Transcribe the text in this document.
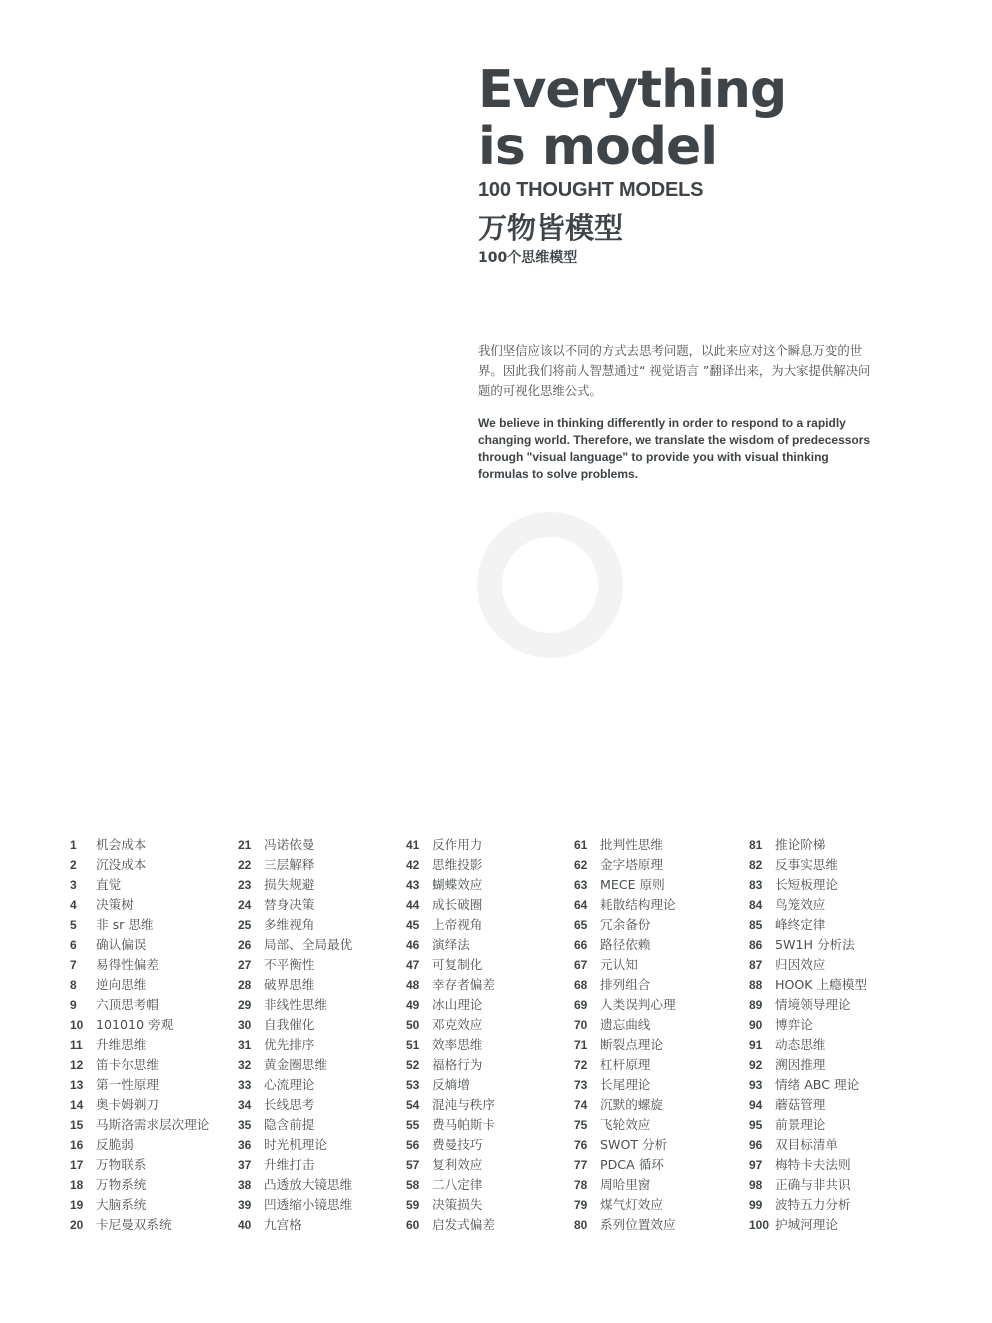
Everything
is model
100 THOUGHT MODELS
万物皆模型
100个思维模型
我们坚信应该以不同的方式去思考问题，以此来应对这个瞬息万变的世界。因此我们将前人智慧通过“ 视觉语言 ”翻译出来，为大家提供解决问题的可视化思维公式。
We believe in thinking differently in order to respond to a rapidly changing world. Therefore, we translate the wisdom of predecessors through "visual language" to provide you with visual thinking formulas to solve problems.
1 机会成本
2 沉没成本
3 直觉
4 决策树
5 非 sr 思维
6 确认偏误
7 易得性偏差
8 逆向思维
9 六顶思考帽
10 101010 旁观
11 升维思维
12 笛卡尔思维
13 第一性原理
14 奥卡姆剃刀
15 马斯洛需求层次理论
16 反脆弱
17 万物联系
18 万物系统
19 大脑系统
20 卡尼曼双系统
21 冯诺依曼
22 三层解释
23 损失规避
24 替身决策
25 多维视角
26 局部、全局最优
27 不平衡性
28 破界思维
29 非线性思维
30 自我催化
31 优先排序
32 黄金圈思维
33 心流理论
34 长线思考
35 隐含前提
36 时光机理论
37 升维打击
38 凸透放大镜思维
39 凹透缩小镜思维
40 九宫格
41 反作用力
42 思维投影
43 蝴蝶效应
44 成长破圈
45 上帝视角
46 演绎法
47 可复制化
48 幸存者偏差
49 冰山理论
50 邓克效应
51 效率思维
52 福格行为
53 反熵增
54 混沌与秩序
55 费马帕斯卡
56 费曼技巧
57 复利效应
58 二八定律
59 决策损失
60 启发式偏差
61 批判性思维
62 金字塔原理
63 MECE 原则
64 耗散结构理论
65 冗余备份
66 路径依赖
67 元认知
68 排列组合
69 人类误判心理
70 遗忘曲线
71 断裂点理论
72 杠杆原理
73 长尾理论
74 沉默的螺旋
75 飞轮效应
76 SWOT 分析
77 PDCA 循环
78 周哈里窗
79 煤气灯效应
80 系列位置效应
81 推论阶梯
82 反事实思维
83 长短板理论
84 鸟笼效应
85 峰终定律
86 5W1H 分析法
87 归因效应
88 HOOK 上瘾模型
89 情境领导理论
90 博弈论
91 动态思维
92 溯因推理
93 情绪 ABC 理论
94 蘑菇管理
95 前景理论
96 双目标清单
97 梅特卡夫法则
98 正确与非共识
99 波特五力分析
100 护城河理论
